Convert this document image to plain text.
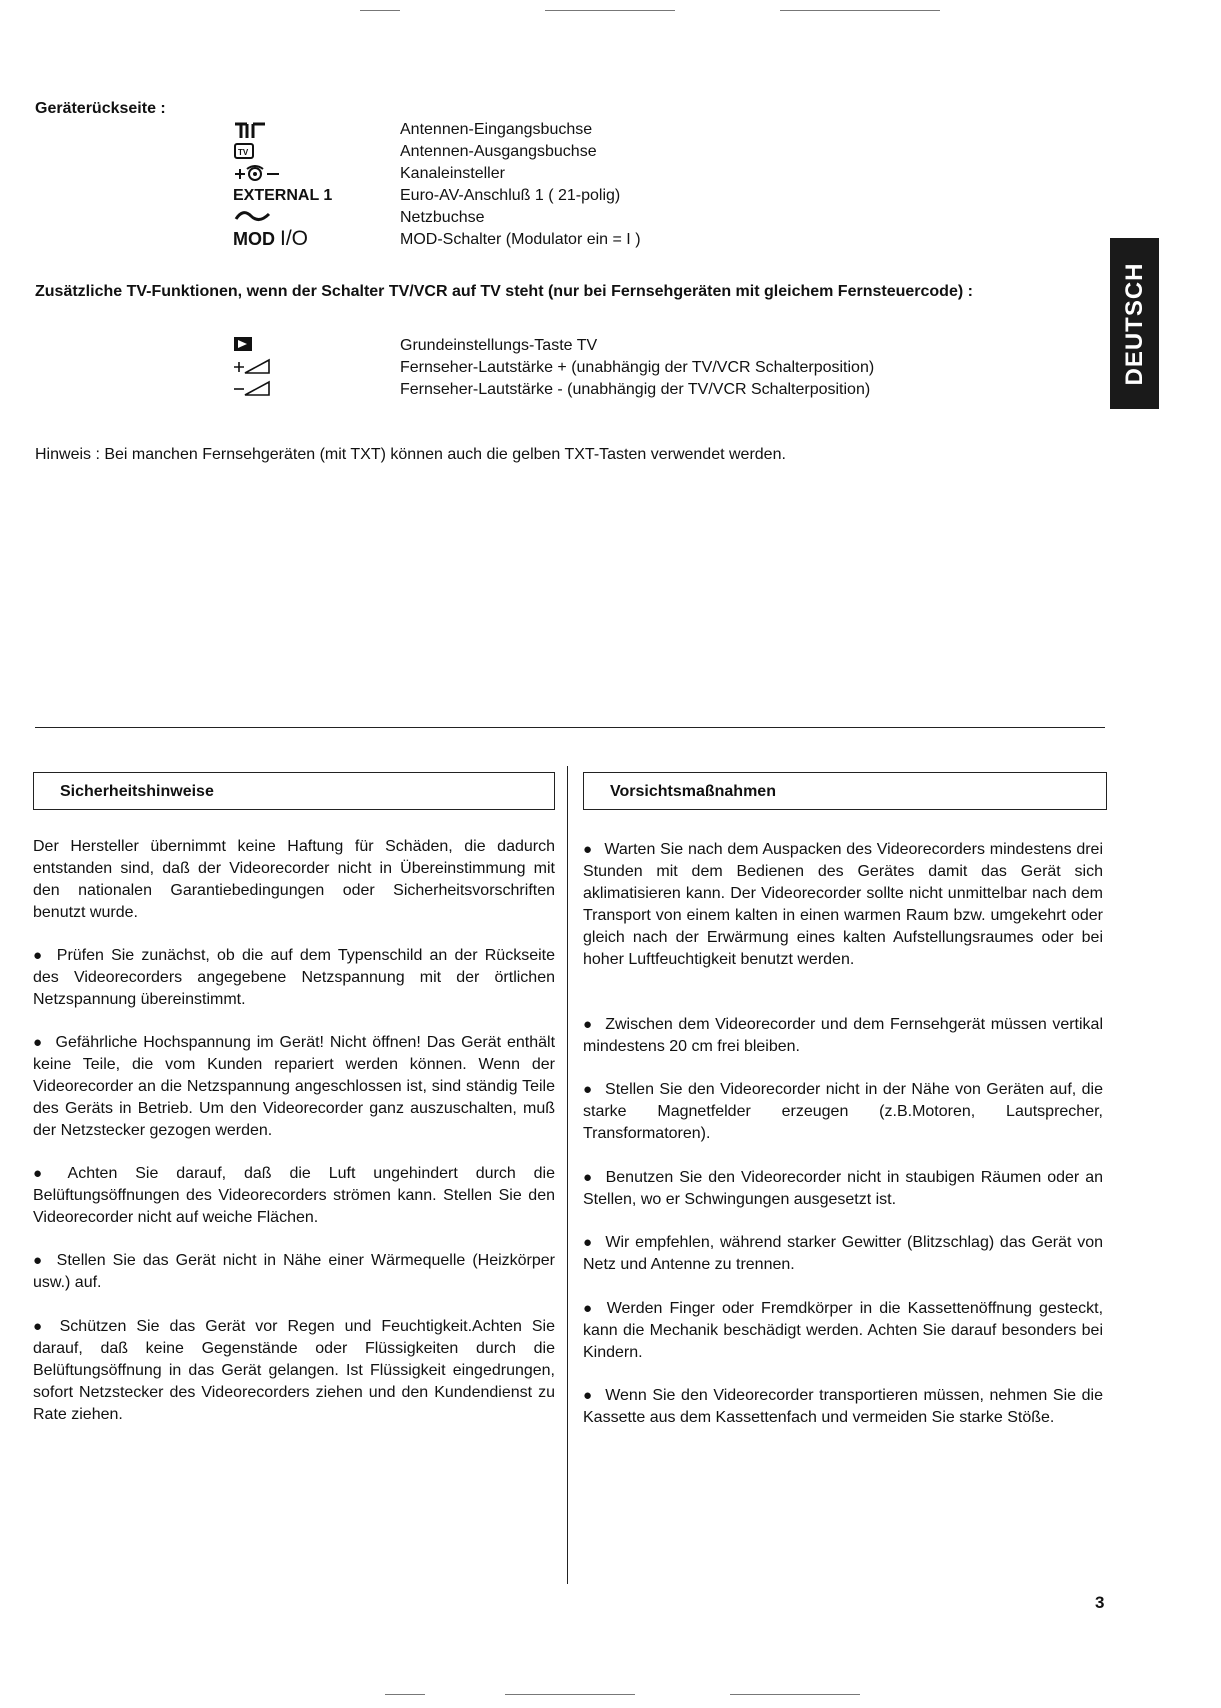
Geräterückseite :
Antennen-Eingangsbuchse
TV	Antennen-Ausgangsbuchse
Kanaleinsteller
EXTERNAL 1	Euro-AV-Anschluß 1 ( 21-polig)
Netzbuchse
MOD I/O	MOD-Schalter (Modulator ein = I )
Zusätzliche TV-Funktionen, wenn der Schalter TV/VCR auf TV steht (nur bei Fernsehgeräten mit gleichem Fernsteuercode) :
Grundeinstellungs-Taste TV
Fernseher-Lautstärke + (unabhängig der TV/VCR Schalterposition)
Fernseher-Lautstärke - (unabhängig der TV/VCR Schalterposition)
Hinweis : Bei manchen Fernsehgeräten (mit TXT) können auch die gelben TXT-Tasten verwendet werden.
DEUTSCH
Sicherheitshinweise
Der Hersteller übernimmt keine Haftung für Schäden, die dadurch entstanden sind, daß der Videorecorder nicht in Übereinstimmung mit den nationalen Garantiebedingungen oder Sicherheitsvorschriften benutzt wurde.
● Prüfen Sie zunächst, ob die auf dem Typenschild an der Rückseite des Videorecorders angegebene Netzspannung mit der örtlichen Netzspannung übereinstimmt.
● Gefährliche Hochspannung im Gerät! Nicht öffnen! Das Gerät enthält keine Teile, die vom Kunden repariert werden können. Wenn der Videorecorder an die Netzspannung angeschlossen ist, sind ständig Teile des Geräts in Betrieb. Um den Videorecorder ganz auszuschalten, muß der Netzstecker gezogen werden.
● Achten Sie darauf, daß die Luft ungehindert durch die Belüftungsöffnungen des Videorecorders strömen kann. Stellen Sie den Videorecorder nicht auf weiche Flächen.
● Stellen Sie das Gerät nicht in Nähe einer Wärmequelle (Heizkörper usw.) auf.
● Schützen Sie das Gerät vor Regen und Feuchtigkeit.Achten Sie darauf, daß keine Gegenstände oder Flüssigkeiten durch die Belüftungsöffnung in das Gerät gelangen. Ist Flüssigkeit eingedrungen, sofort Netzstecker des Videorecorders ziehen und den Kundendienst zu Rate ziehen.
Vorsichtsmaßnahmen
● Warten Sie nach dem Auspacken des Videorecorders mindestens drei Stunden mit dem Bedienen des Gerätes damit das Gerät sich aklimatisieren kann. Der Videorecorder sollte nicht unmittelbar nach dem Transport von einem kalten in einen warmen Raum bzw. umgekehrt oder gleich nach der Erwärmung eines kalten Aufstellungsraumes oder bei hoher Luftfeuchtigkeit benutzt werden.
● Zwischen dem Videorecorder und dem Fernsehgerät müssen vertikal mindestens 20 cm frei bleiben.
● Stellen Sie den Videorecorder nicht in der Nähe von Geräten auf, die starke Magnetfelder erzeugen (z.B.Motoren, Lautsprecher, Transformatoren).
● Benutzen Sie den Videorecorder nicht in staubigen Räumen oder an Stellen, wo er Schwingungen ausgesetzt ist.
● Wir empfehlen, während starker Gewitter (Blitzschlag) das Gerät von Netz und Antenne zu trennen.
● Werden Finger oder Fremdkörper in die Kassettenöffnung gesteckt, kann die Mechanik beschädigt werden. Achten Sie darauf besonders bei Kindern.
● Wenn Sie den Videorecorder transportieren müssen, nehmen Sie die Kassette aus dem Kassettenfach und vermeiden Sie starke Stöße.
3
